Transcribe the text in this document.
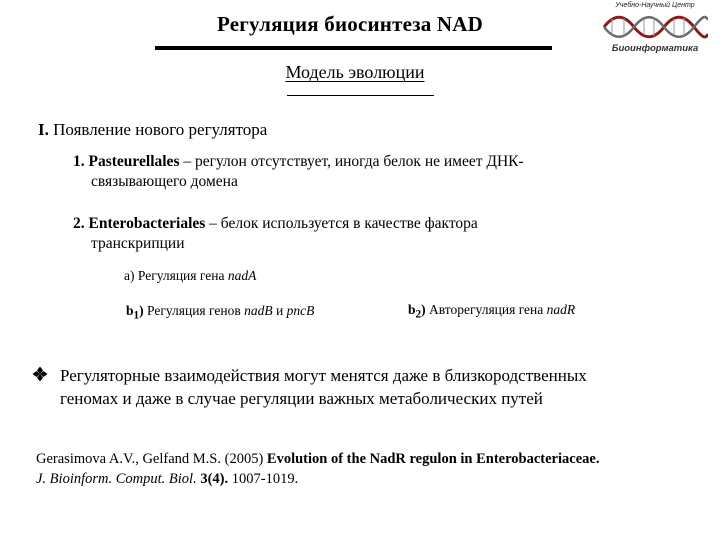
Регуляция биосинтеза NAD
Модель эволюции
Учебно-Научный Центр
Биоинформатика
I. Появление нового регулятора
1. Pasteurellales – регулон отсутствует, иногда белок не имеет ДНК-
связывающего домена
2. Enterobacteriales – белок используется в качестве фактора
транскрипции
а) Регуляция гена nadA
$b_1$) Регуляция генов nadB и pncB	$b_2$) Авторегуляция гена nadR
Регуляторные взаимодействия могут менятся даже в близкородственных
геномах и даже в случае регуляции важных метаболических путей
Gerasimova A.V., Gelfand M.S. (2005) Evolution of the NadR regulon in Enterobacteriaceae.
J. Bioinform. Comput. Biol. 3(4). 1007-1019.
